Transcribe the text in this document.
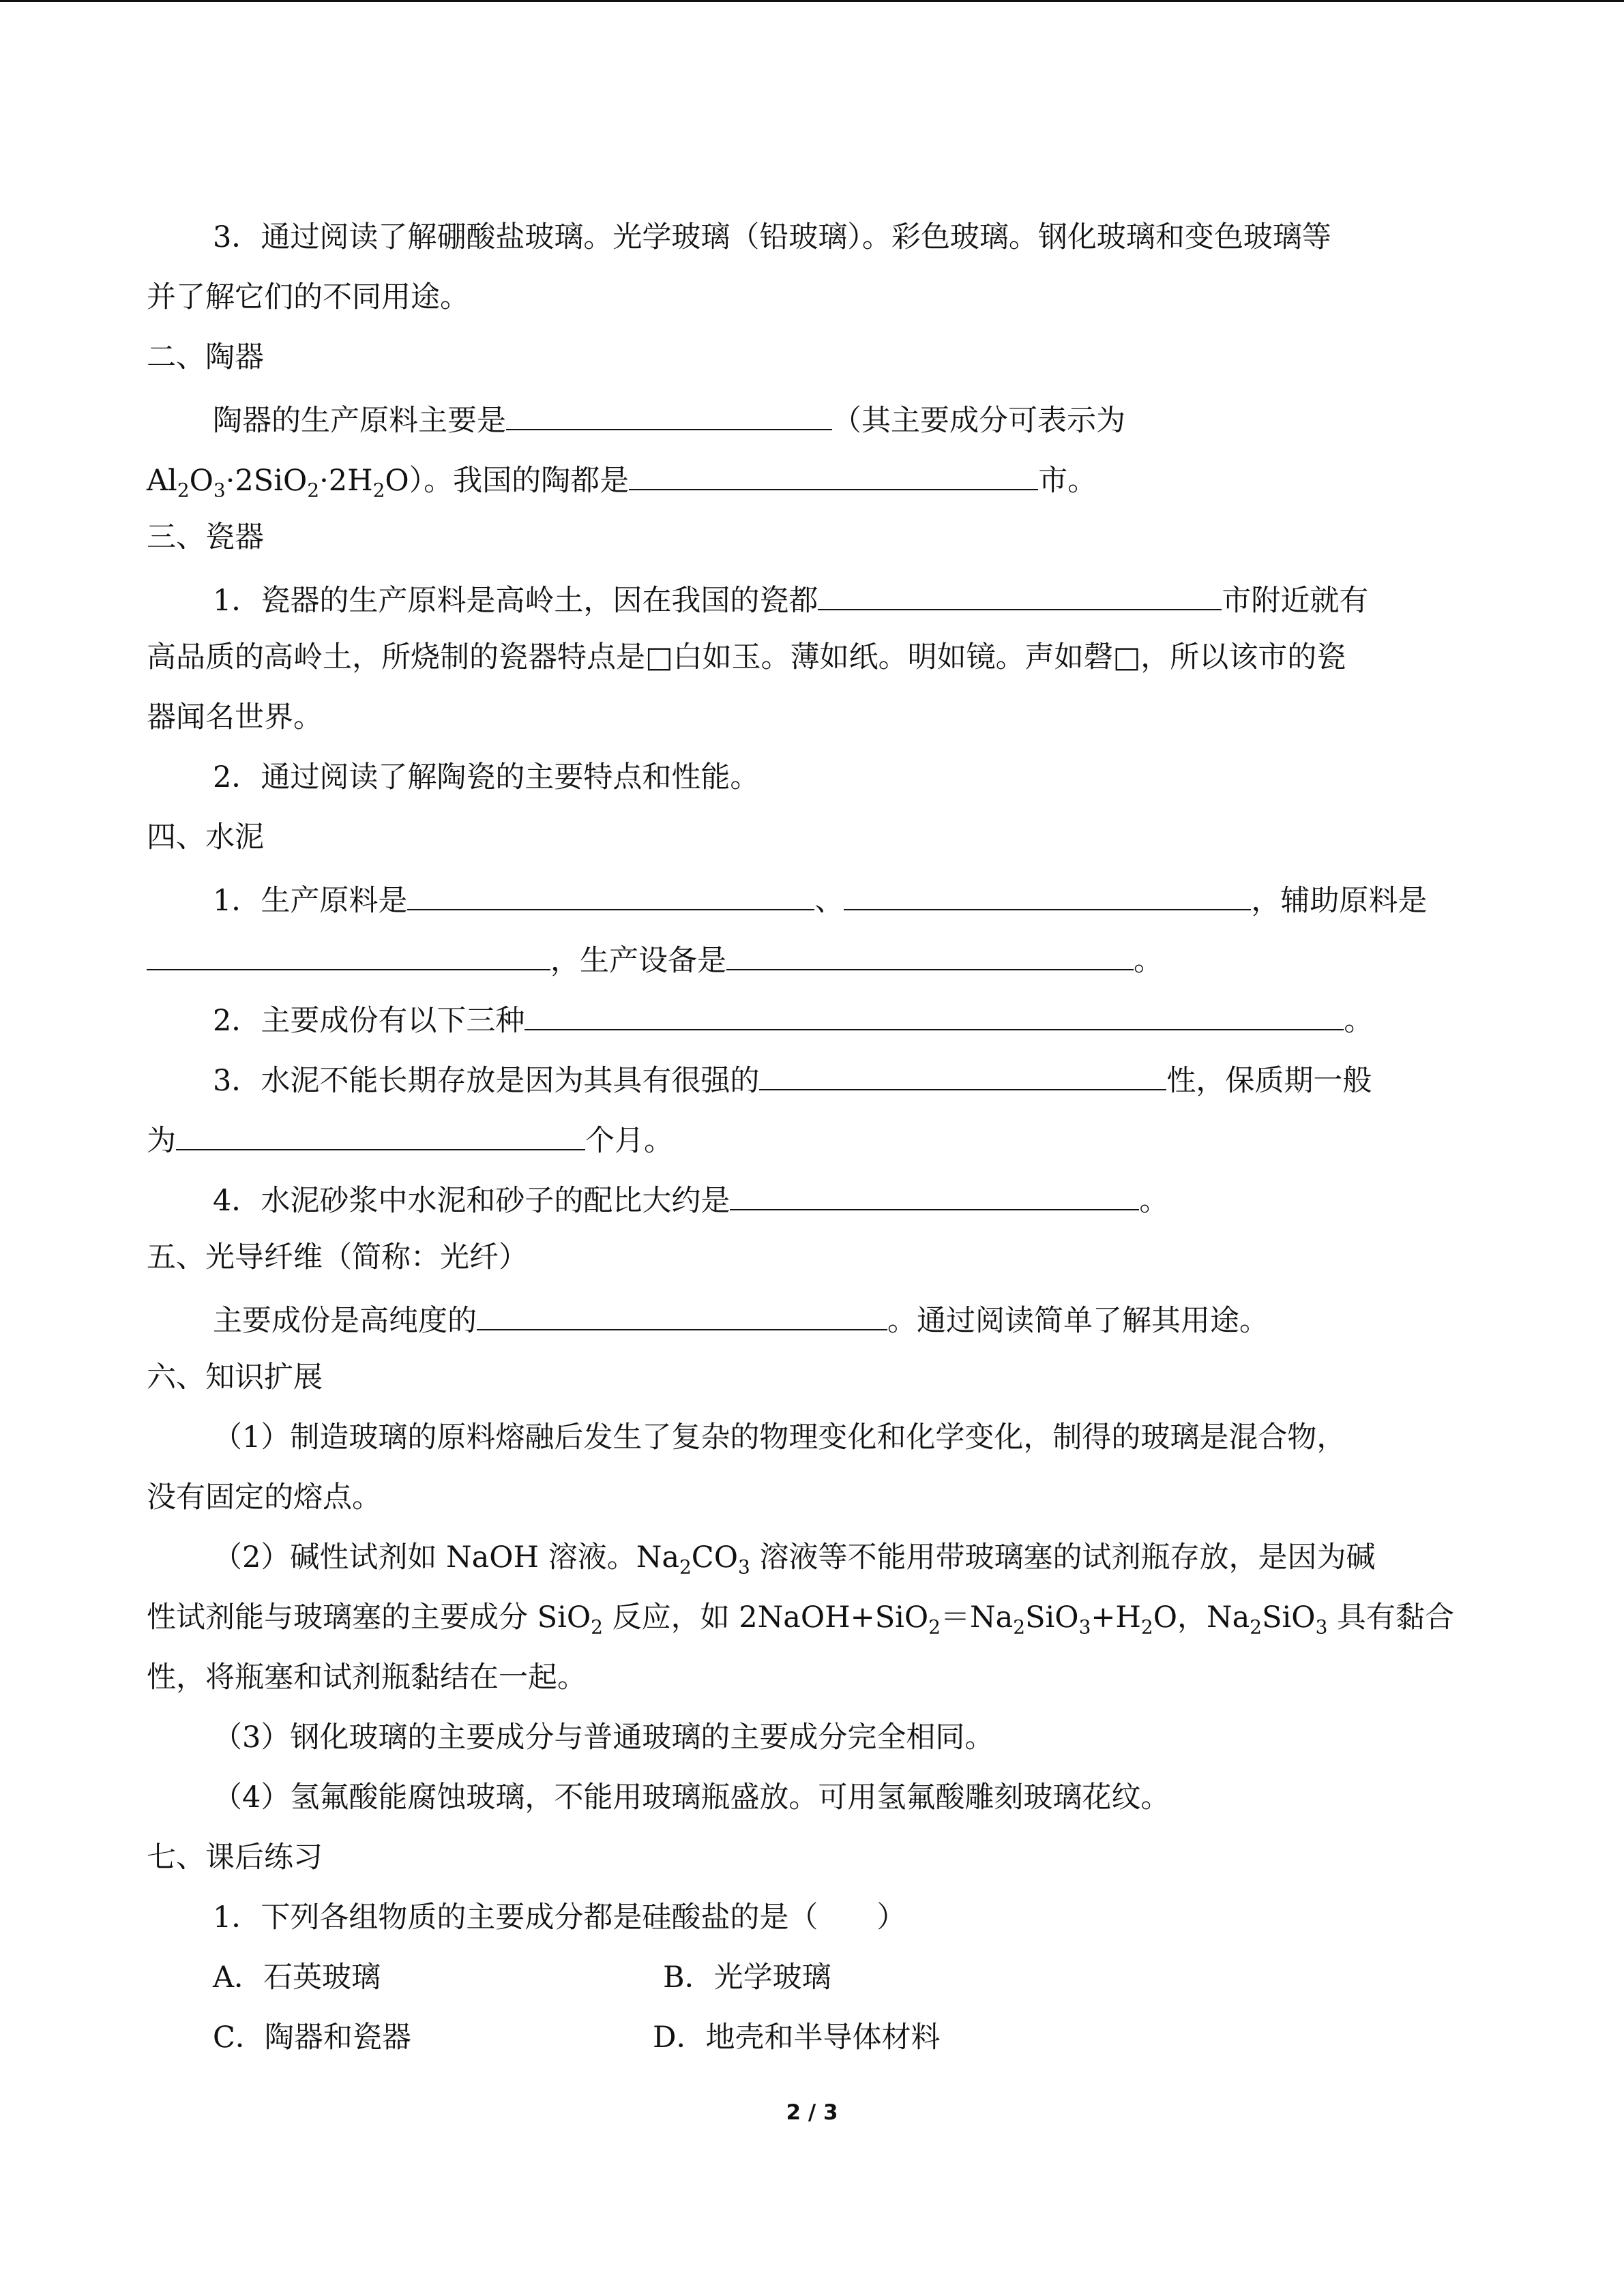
3．通过阅读了解硼酸盐玻璃。光学玻璃（铅玻璃）。彩色玻璃。钢化玻璃和变色玻璃等
并了解它们的不同用途。
二、陶器
陶器的生产原料主要是	（其主要成分可表示为
$Al_2O_3\cdot 2SiO_2\cdot 2H_2O$）。我国的陶都是	市。
三、瓷器
1．瓷器的生产原料是高岭土，因在我国的瓷都	市附近就有
高品质的高岭土，所烧制的瓷器特点是□白如玉。薄如纸。明如镜。声如磬□，所以该市的瓷
器闻名世界。
2．通过阅读了解陶瓷的主要特点和性能。
四、水泥
1．生产原料是	、	，辅助原料是
，生产设备是	。
2．主要成份有以下三种	。
3．水泥不能长期存放是因为其具有很强的	性，保质期一般
为	个月。
4．水泥砂浆中水泥和砂子的配比大约是	。
五、光导纤维（简称：光纤）
主要成份是高纯度的	。通过阅读简单了解其用途。
六、知识扩展
（1）制造玻璃的原料熔融后发生了复杂的物理变化和化学变化，制得的玻璃是混合物，
没有固定的熔点。
（2）碱性试剂如 NaOH 溶液。$Na_2CO_3$ 溶液等不能用带玻璃塞的试剂瓶存放，是因为碱
性试剂能与玻璃塞的主要成分 SiO$_2$ 反应，如 $2NaOH+SiO_2=Na_2SiO_3+H_2O$，$Na_2SiO_3$ 具有黏合
性，将瓶塞和试剂瓶黏结在一起。
（3）钢化玻璃的主要成分与普通玻璃的主要成分完全相同。
（4）氢氟酸能腐蚀玻璃，不能用玻璃瓶盛放。可用氢氟酸雕刻玻璃花纹。
七、课后练习
1．下列各组物质的主要成分都是硅酸盐的是（　　）
A．石英玻璃	B．光学玻璃
C．陶器和瓷器	D．地壳和半导体材料
2 / 3
